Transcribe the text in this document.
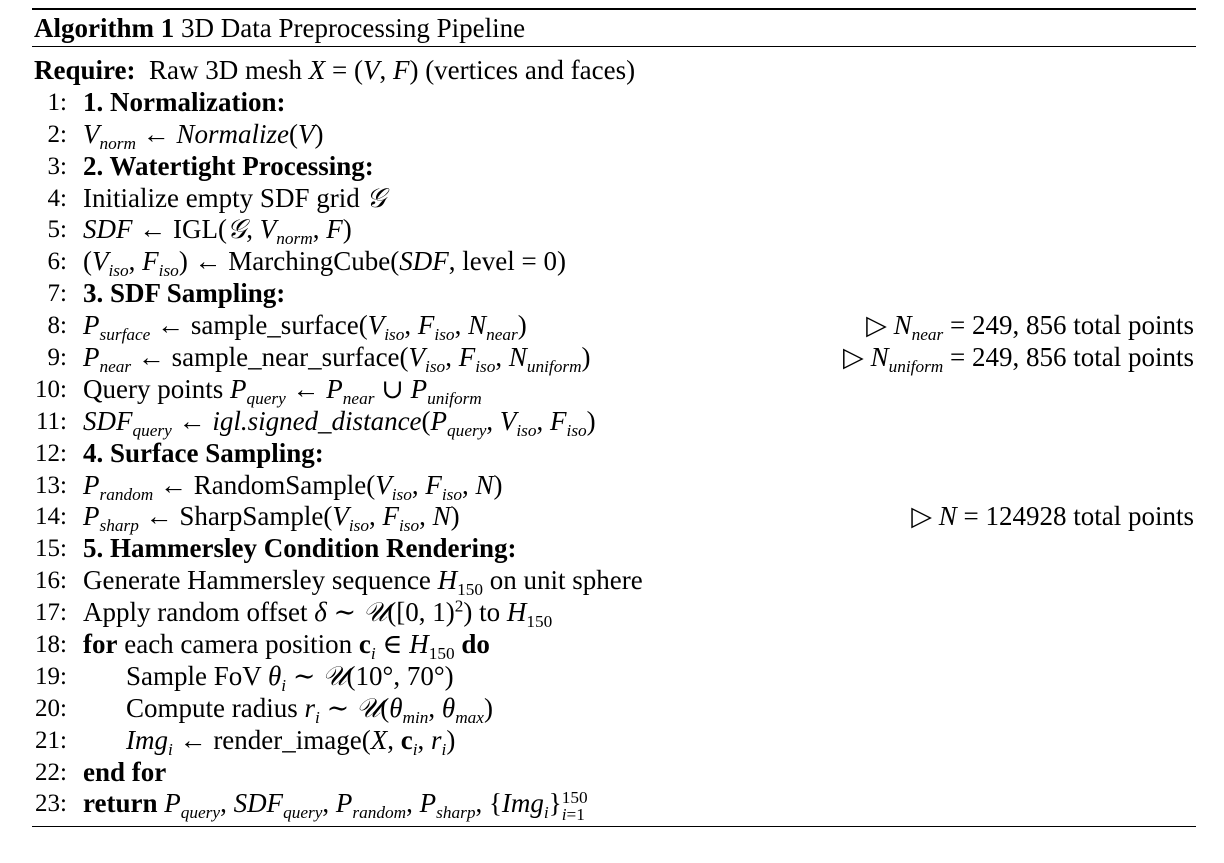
Algorithm 1 3D Data Preprocessing Pipeline
Require:  Raw 3D mesh X = (V, F) (vertices and faces)
1: 1. Normalization:
2: $V_{norm}$ ← Normalize(V)
3: 2. Watertight Processing:
4: Initialize empty SDF grid 𝒢
5: SDF ← IGL(𝒢, $V_{norm}$, F)
6: ($V_{iso}$, $F_{iso}$) ← MarchingCube(SDF, level = 0)
7: 3. SDF Sampling:
8: $P_{surface}$ ← $sample\_surface(V_{iso}$, $F_{iso}$, $N_{near}$)	▷ $N_{near} = 249$, 856 total points
9: $P_{near}$ ← $sample\_near\_surface(V_{iso}$, $F_{iso}$, $N_{uniform}$)	▷ $N_{uniform} = 249$, 856 total points
10: Query points $P_{query}$ ← $P_{near}$ ∪ $P_{uniform}$
11: $SDF_{query}$ ← $igl.signed\_distance(P_{query}$, $V_{iso}$, $F_{iso}$)
12: 4. Surface Sampling:
13: $P_{random}$ ← $RandomSample(V_{iso}$, $F_{iso}$, N)
14: $P_{sharp}$ ← $SharpSample(V_{iso}$, $F_{iso}$, N)	▷ N = 124928 total points
15: 5. Hammersley Condition Rendering:
16: Generate Hammersley sequence $H_{150}$ on unit sphere
17: Apply random offset δ ∼ 𝒰([0, 1)$^2$) to $H_{150}$
18: for each camera position $c_i$ ∈ $H_{150}$ do
19: Sample FoV $\theta_i$ ∼ 𝒰(10°, 70°)
20: Compute radius $r_i$ ∼ $𝒰(\theta_{min}$, $\theta_{max}$)
21: Img$_i$ ← render_image(X, $c_i$, $r_i$)
22: end for
23: return $P_{query}$, $SDF_{query}$, $P_{random}$, $P_{sharp}$, {Img$_i$} 150
i=1
